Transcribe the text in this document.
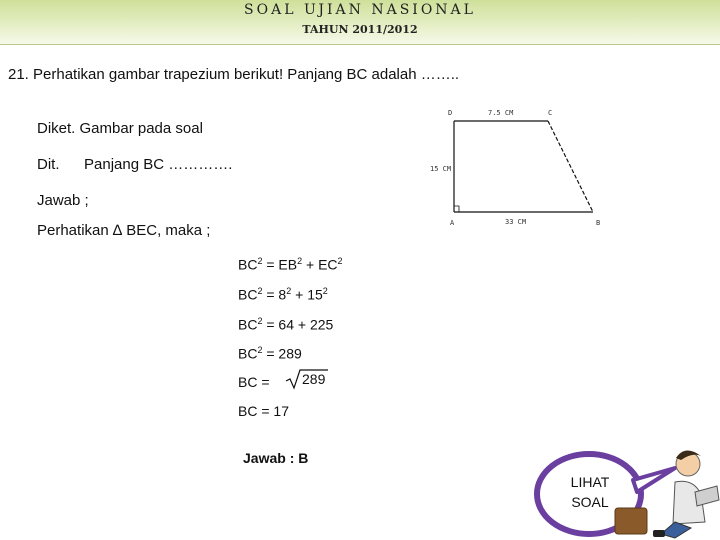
SOAL UJIAN NASIONAL
TAHUN 2011/2012
21. Perhatikan gambar trapezium berikut! Panjang BC adalah ……..
Diket. Gambar pada soal
Dit. Panjang BC ………….
Jawab ;
Perhatikan ∆ BEC, maka ;
$BC^2 = EB^2 + EC^2$
$BC^2 = 8^2 + 15^2$
$BC^2 = 64 + 225$
$BC^2 = 289$
BC = 289
BC = 17
Jawab : B
D	C
A	B
7.5 CM
15 CM
33 CM
LIHAT SOAL
